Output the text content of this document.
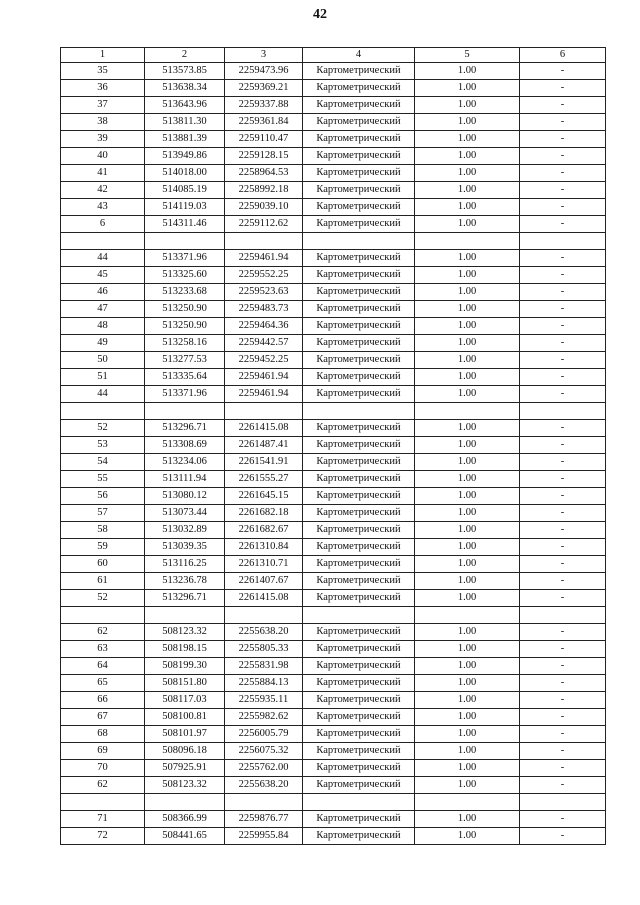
42
1	2	3	4	5	6
35	513573.85	2259473.96	Картометрический	1.00	-
36	513638.34	2259369.21	Картометрический	1.00	-
37	513643.96	2259337.88	Картометрический	1.00	-
38	513811.30	2259361.84	Картометрический	1.00	-
39	513881.39	2259110.47	Картометрический	1.00	-
40	513949.86	2259128.15	Картометрический	1.00	-
41	514018.00	2258964.53	Картометрический	1.00	-
42	514085.19	2258992.18	Картометрический	1.00	-
43	514119.03	2259039.10	Картометрический	1.00	-
6	514311.46	2259112.62	Картометрический	1.00	-

44	513371.96	2259461.94	Картометрический	1.00	-
45	513325.60	2259552.25	Картометрический	1.00	-
46	513233.68	2259523.63	Картометрический	1.00	-
47	513250.90	2259483.73	Картометрический	1.00	-
48	513250.90	2259464.36	Картометрический	1.00	-
49	513258.16	2259442.57	Картометрический	1.00	-
50	513277.53	2259452.25	Картометрический	1.00	-
51	513335.64	2259461.94	Картометрический	1.00	-
44	513371.96	2259461.94	Картометрический	1.00	-

52	513296.71	2261415.08	Картометрический	1.00	-
53	513308.69	2261487.41	Картометрический	1.00	-
54	513234.06	2261541.91	Картометрический	1.00	-
55	513111.94	2261555.27	Картометрический	1.00	-
56	513080.12	2261645.15	Картометрический	1.00	-
57	513073.44	2261682.18	Картометрический	1.00	-
58	513032.89	2261682.67	Картометрический	1.00	-
59	513039.35	2261310.84	Картометрический	1.00	-
60	513116.25	2261310.71	Картометрический	1.00	-
61	513236.78	2261407.67	Картометрический	1.00	-
52	513296.71	2261415.08	Картометрический	1.00	-

62	508123.32	2255638.20	Картометрический	1.00	-
63	508198.15	2255805.33	Картометрический	1.00	-
64	508199.30	2255831.98	Картометрический	1.00	-
65	508151.80	2255884.13	Картометрический	1.00	-
66	508117.03	2255935.11	Картометрический	1.00	-
67	508100.81	2255982.62	Картометрический	1.00	-
68	508101.97	2256005.79	Картометрический	1.00	-
69	508096.18	2256075.32	Картометрический	1.00	-
70	507925.91	2255762.00	Картометрический	1.00	-
62	508123.32	2255638.20	Картометрический	1.00	-

71	508366.99	2259876.77	Картометрический	1.00	-
72	508441.65	2259955.84	Картометрический	1.00	-
